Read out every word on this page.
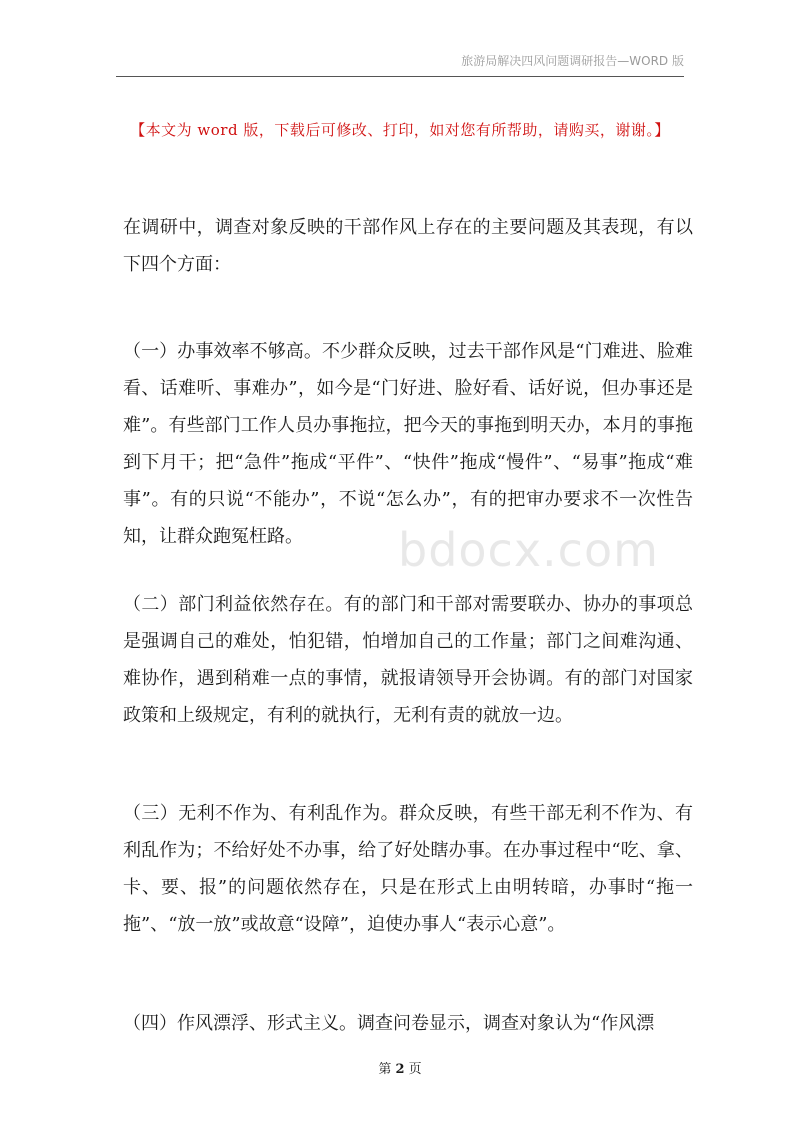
旅游局解决四风问题调研报告—WORD 版
【本文为 word 版，下载后可修改、打印，如对您有所帮助，请购买，谢谢。】
在调研中，调查对象反映的干部作风上存在的主要问题及其表现，有以下四个方面：
（一）办事效率不够高。不少群众反映，过去干部作风是“门难进、脸难看、话难听、事难办”，如今是“门好进、脸好看、话好说，但办事还是难”。有些部门工作人员办事拖拉，把今天的事拖到明天办，本月的事拖到下月干；把“急件”拖成“平件”、“快件”拖成“慢件”、“易事”拖成“难事”。有的只说“不能办”，不说“怎么办”，有的把审办要求不一次性告知，让群众跑冤枉路。
（二）部门利益依然存在。有的部门和干部对需要联办、协办的事项总是强调自己的难处，怕犯错，怕增加自己的工作量；部门之间难沟通、难协作，遇到稍难一点的事情，就报请领导开会协调。有的部门对国家政策和上级规定，有利的就执行，无利有责的就放一边。
（三）无利不作为、有利乱作为。群众反映，有些干部无利不作为、有利乱作为；不给好处不办事，给了好处瞎办事。在办事过程中“吃、拿、卡、要、报”的问题依然存在，只是在形式上由明转暗，办事时“拖一拖”、“放一放”或故意“设障”，迫使办事人“表示心意”。
（四）作风漂浮、形式主义。调查问卷显示，调查对象认为“作风漂
bdocx.com
第 2 页
